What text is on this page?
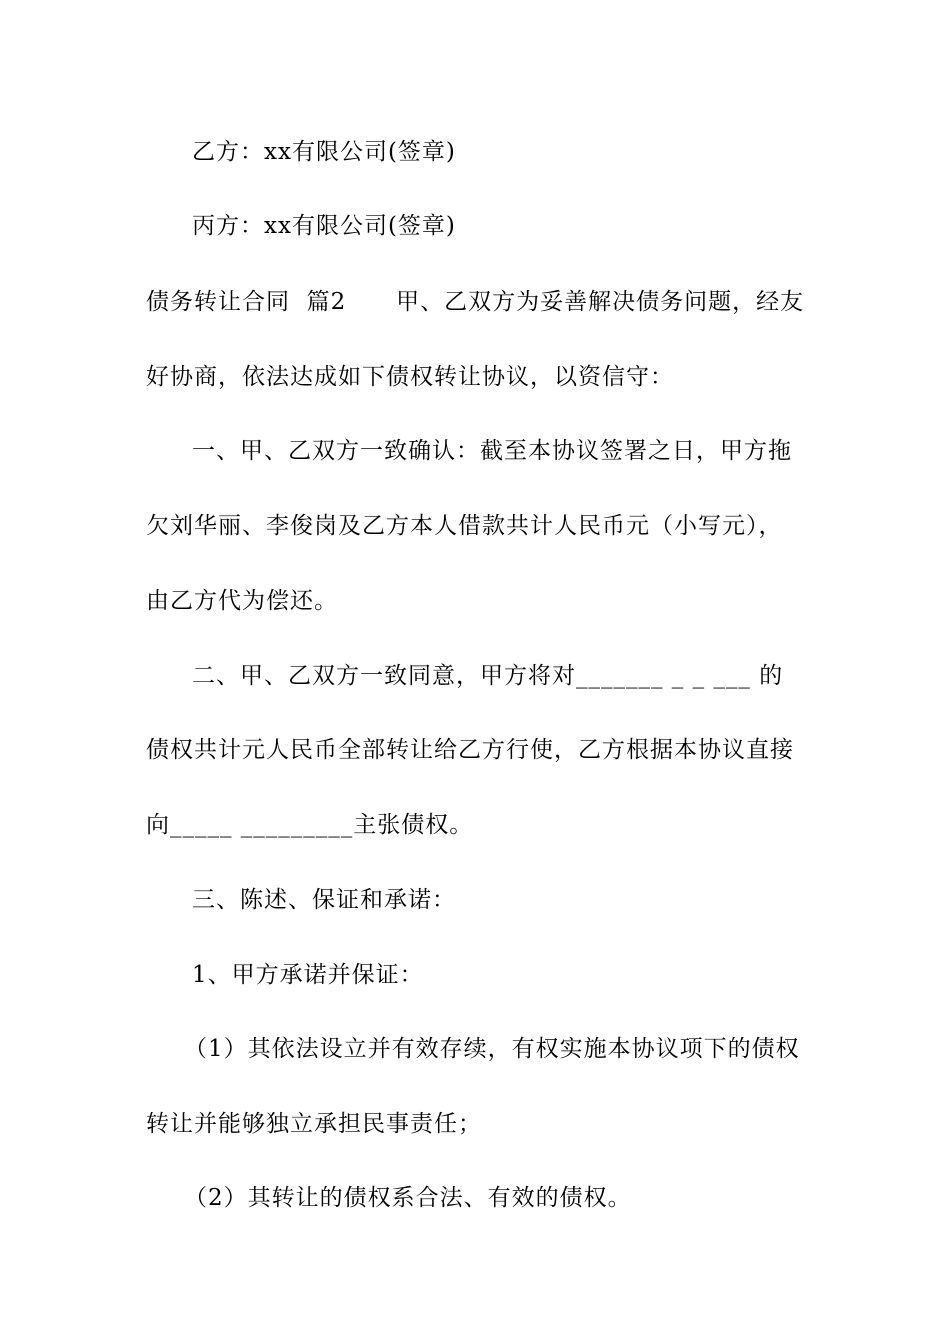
乙方：xx有限公司(签章)
丙方：xx有限公司(签章)
债务转让合同  篇2      甲、乙双方为妥善解决债务问题，经友
好协商，依法达成如下债权转让协议，以资信守：
一、甲、乙双方一致确认：截至本协议签署之日，甲方拖
欠刘华丽、李俊岗及乙方本人借款共计人民币元（小写元），
由乙方代为偿还。
二、甲、乙双方一致同意，甲方将对_______ _ _ ___ 的
债权共计元人民币全部转让给乙方行使，乙方根据本协议直接
向_____ _________主张债权。
三、陈述、保证和承诺：
1、甲方承诺并保证：
（1）其依法设立并有效存续，有权实施本协议项下的债权
转让并能够独立承担民事责任；
（2）其转让的债权系合法、有效的债权。
